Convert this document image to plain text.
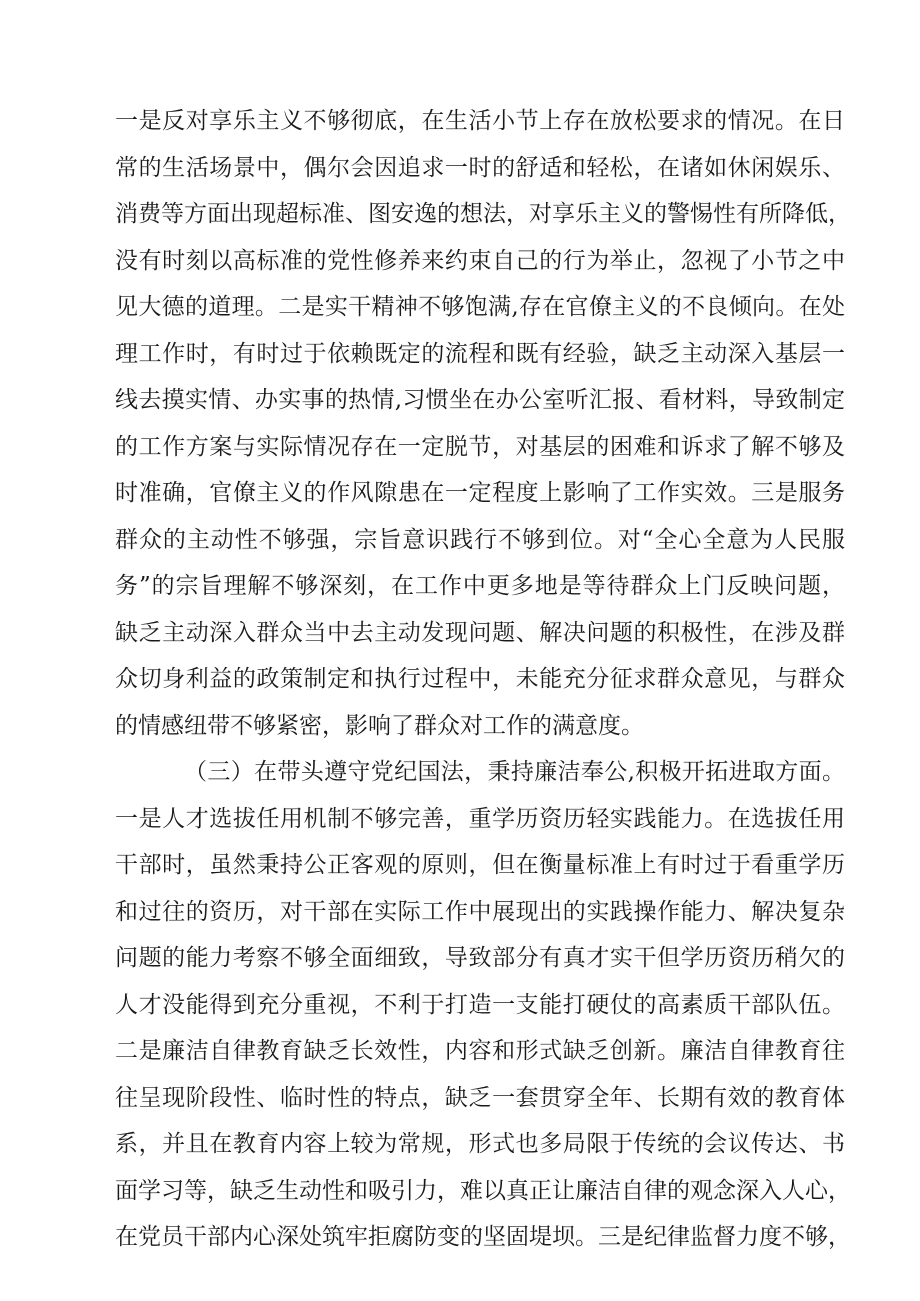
一是反对享乐主义不够彻底，在生活小节上存在放松要求的情况。在日
常的生活场景中，偶尔会因追求一时的舒适和轻松，在诸如休闲娱乐、
消费等方面出现超标准、图安逸的想法，对享乐主义的警惕性有所降低，
没有时刻以高标准的党性修养来约束自己的行为举止，忽视了小节之中
见大德的道理。二是实干精神不够饱满,存在官僚主义的不良倾向。在处
理工作时，有时过于依赖既定的流程和既有经验，缺乏主动深入基层一
线去摸实情、办实事的热情,习惯坐在办公室听汇报、看材料，导致制定
的工作方案与实际情况存在一定脱节，对基层的困难和诉求了解不够及
时准确，官僚主义的作风隙患在一定程度上影响了工作实效。三是服务
群众的主动性不够强，宗旨意识践行不够到位。对“全心全意为人民服
务”的宗旨理解不够深刻，在工作中更多地是等待群众上门反映问题，
缺乏主动深入群众当中去主动发现问题、解决问题的积极性，在涉及群
众切身利益的政策制定和执行过程中，未能充分征求群众意见，与群众
的情感纽带不够紧密，影响了群众对工作的满意度。
（三）在带头遵守党纪国法，秉持廉洁奉公,积极开拓进取方面。
一是人才选拔任用机制不够完善，重学历资历轻实践能力。在选拔任用
干部时，虽然秉持公正客观的原则，但在衡量标准上有时过于看重学历
和过往的资历，对干部在实际工作中展现出的实践操作能力、解决复杂
问题的能力考察不够全面细致，导致部分有真才实干但学历资历稍欠的
人才没能得到充分重视，不利于打造一支能打硬仗的高素质干部队伍。
二是廉洁自律教育缺乏长效性，内容和形式缺乏创新。廉洁自律教育往
往呈现阶段性、临时性的特点，缺乏一套贯穿全年、长期有效的教育体
系，并且在教育内容上较为常规，形式也多局限于传统的会议传达、书
面学习等，缺乏生动性和吸引力，难以真正让廉洁自律的观念深入人心，
在党员干部内心深处筑牢拒腐防变的坚固堤坝。三是纪律监督力度不够，
